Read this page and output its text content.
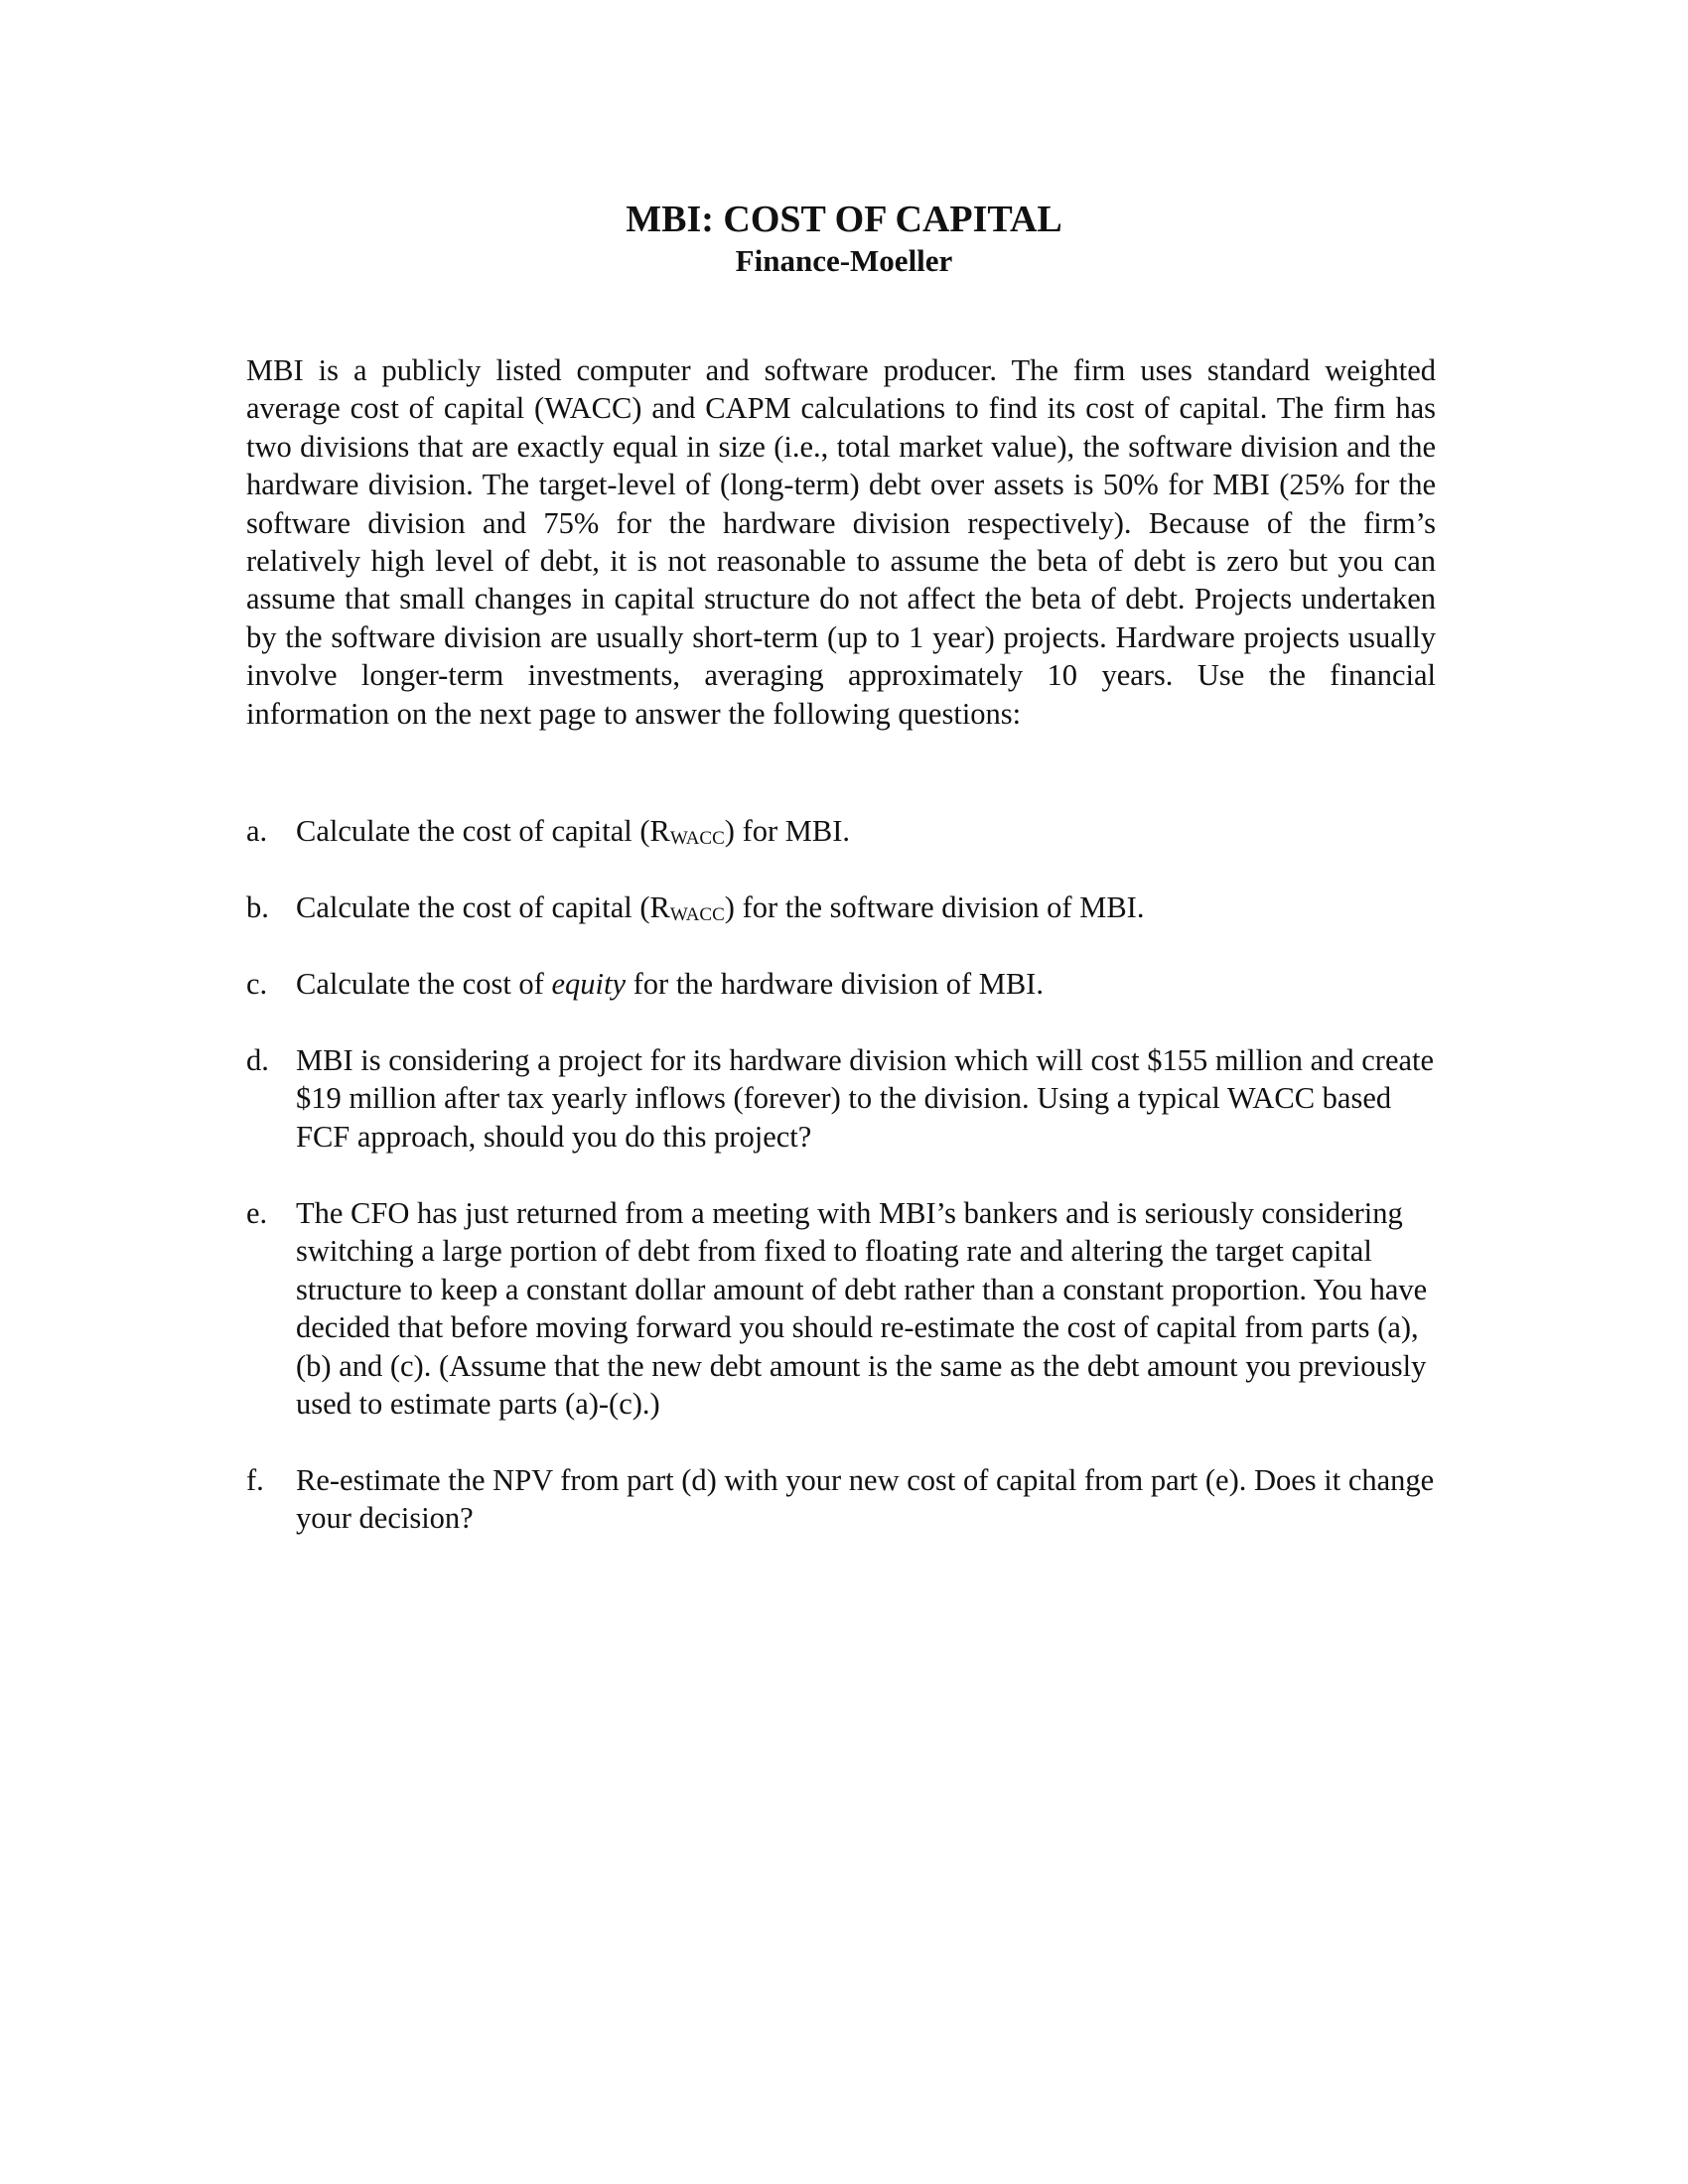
MBI: COST OF CAPITAL
Finance-Moeller

MBI is a publicly listed computer and software producer. The firm uses standard weighted average cost of capital (WACC) and CAPM calculations to find its cost of capital. The firm has two divisions that are exactly equal in size (i.e., total market value), the software division and the hardware division. The target-level of (long-term) debt over assets is 50% for MBI (25% for the software division and 75% for the hardware division respectively). Because of the firm’s relatively high level of debt, it is not reasonable to assume the beta of debt is zero but you can assume that small changes in capital structure do not affect the beta of debt. Projects undertaken by the software division are usually short-term (up to 1 year) projects. Hardware projects usually involve longer-term investments, averaging approximately 10 years. Use the financial information on the next page to answer the following questions:

a. Calculate the cost of capital $(R_{WACC})$ for MBI.
b. Calculate the cost of capital $(R_{WACC})$ for the software division of MBI.
c. Calculate the cost of equity for the hardware division of MBI.
d. MBI is considering a project for its hardware division which will cost $155 million and create $19 million after tax yearly inflows (forever) to the division. Using a typical WACC based FCF approach, should you do this project?
e. The CFO has just returned from a meeting with MBI’s bankers and is seriously considering switching a large portion of debt from fixed to floating rate and altering the target capital structure to keep a constant dollar amount of debt rather than a constant proportion. You have decided that before moving forward you should re-estimate the cost of capital from parts (a), (b) and (c). (Assume that the new debt amount is the same as the debt amount you previously used to estimate parts (a)-(c).)
f.	Re-estimate the NPV from part (d) with your new cost of capital from part (e). Does it change your decision?
